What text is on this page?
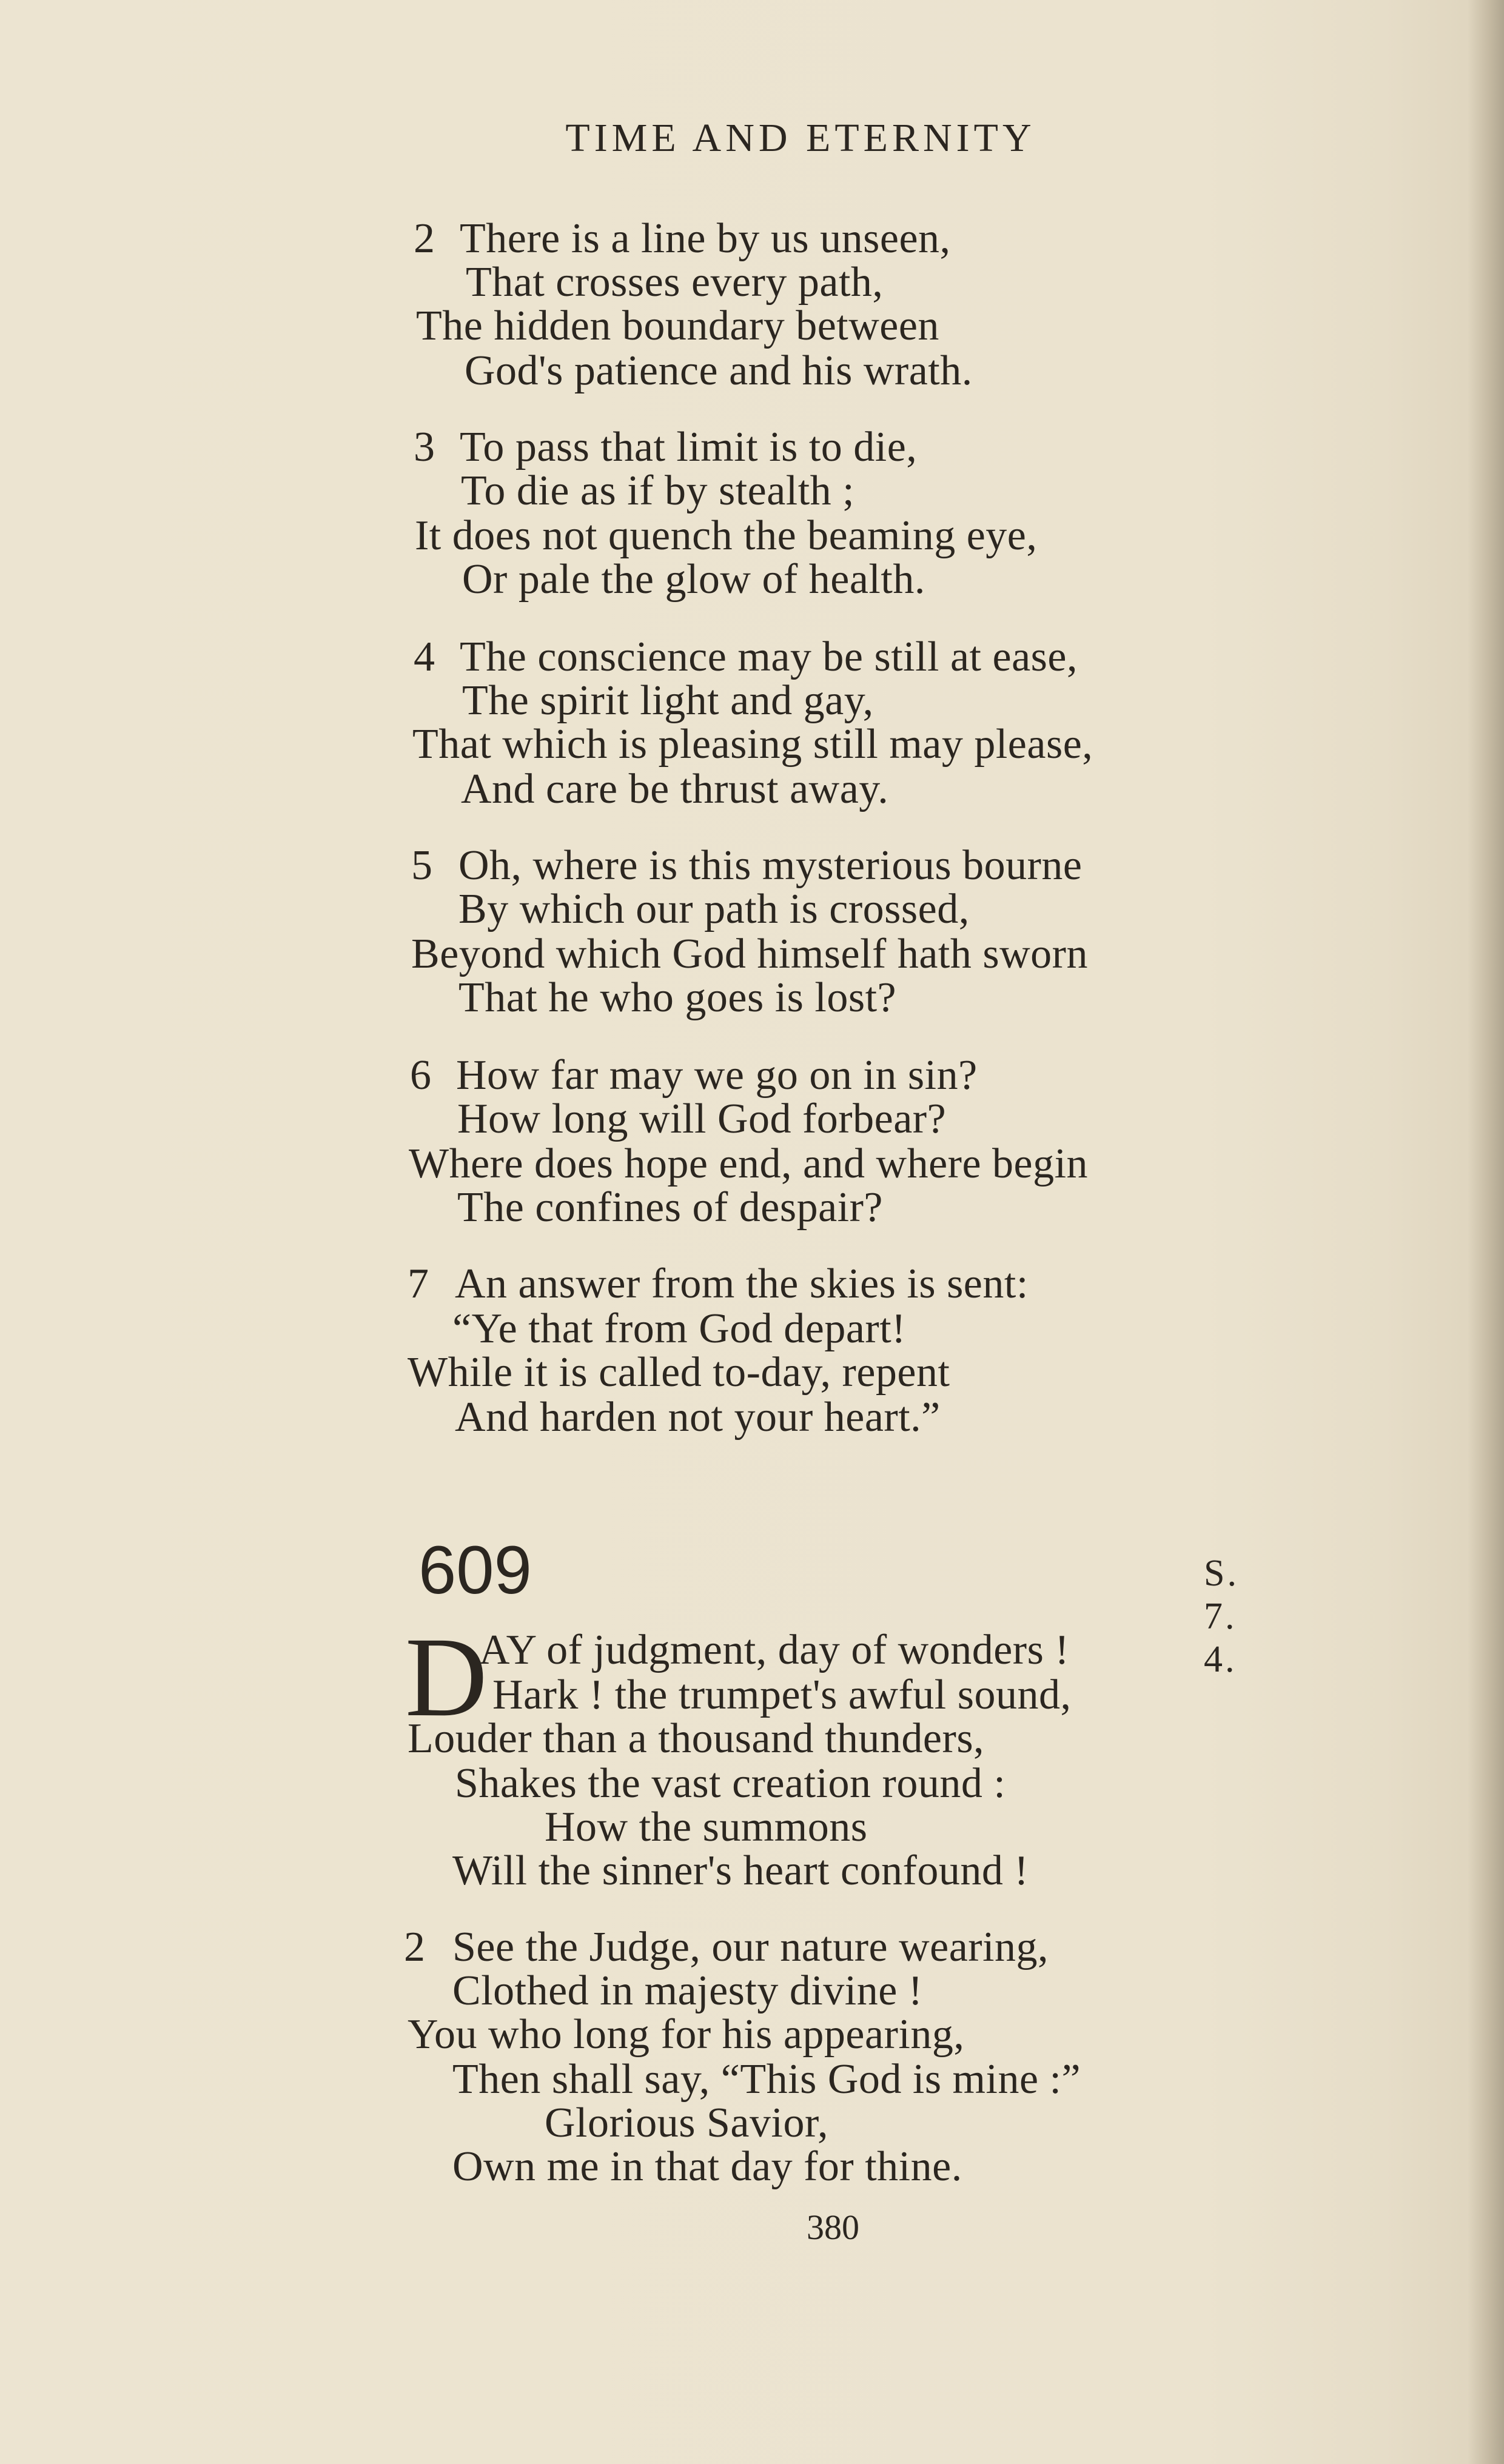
TIME AND ETERNITY
2 There is a line by us unseen,
That crosses every path,
The hidden boundary between
God's patience and his wrath.
3 To pass that limit is to die,
To die as if by stealth ;
It does not quench the beaming eye,
Or pale the glow of health.
4 The conscience may be still at ease,
The spirit light and gay,
That which is pleasing still may please,
And care be thrust away.
5 Oh, where is this mysterious bourne
By which our path is crossed,
Beyond which God himself hath sworn
That he who goes is lost?
6 How far may we go on in sin?
How long will God forbear?
Where does hope end, and where begin
The confines of despair?
7 An answer from the skies is sent:
“Ye that from God depart!
While it is called to-day, repent
And harden not your heart.”
609	S. 7. 4.
D
AY of judgment, day of wonders !
Hark ! the trumpet's awful sound,
Louder than a thousand thunders,
Shakes the vast creation round :
How the summons
Will the sinner's heart confound !
2 See the Judge, our nature wearing,
Clothed in majesty divine !
You who long for his appearing,
Then shall say, “This God is mine :”
Glorious Savior,
Own me in that day for thine.
380
